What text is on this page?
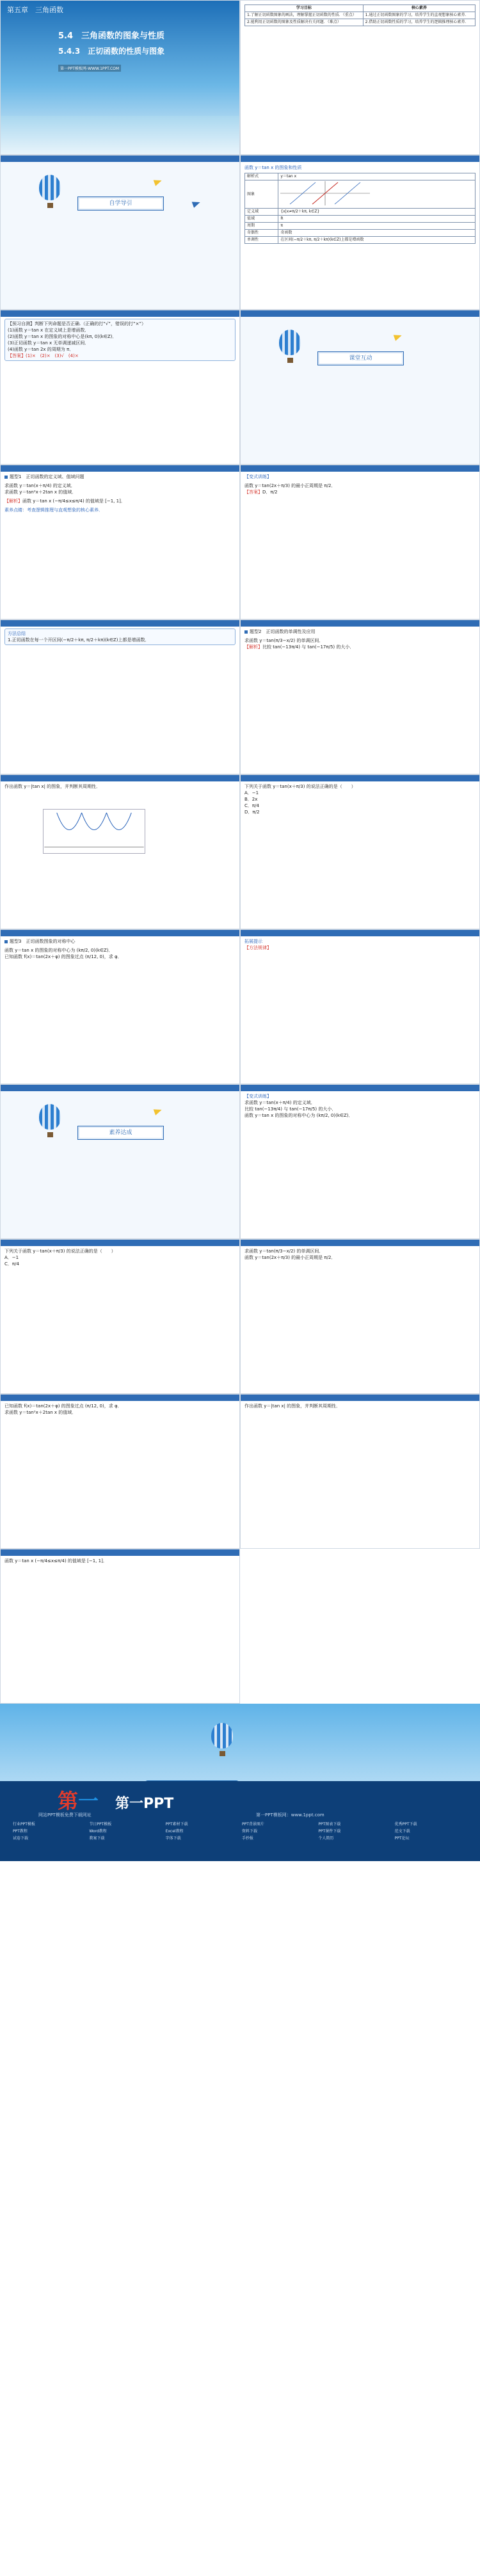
第五章　三角函数
5.4　三角函数的图象与性质
5.4.3　正切函数的性质与图象
第一PPT模板网-WWW.1PPT.COM
学习目标	核心素养
1.了解正切函数图象的画法，理解掌握正切函数的性质．（重点）	1.通过正切函数图象的学习，培养学生的直观想象核心素养．
2.能利用正切函数的图象及性质解决有关问题．（难点）	2.借助正切函数性质的学习，培养学生的逻辑推理核心素养．
自学导引
函数 y＝tan x 的图象和性质
解析式	y＝tan x
图象	
定义域	{x|x≠π/2＋kπ, k∈Z}
值域	R
周期	π
奇偶性	奇函数
单调性	在区间(−π/2＋kπ, π/2＋kπ)(k∈Z)上都是增函数
【预习自测】判断下列命题是否正确.（正确的打“√”，错误的打“×”）
(1)函数 y＝tan x 在定义域上是增函数．
(2)函数 y＝tan x 的图象的对称中心是(kπ, 0)(k∈Z)．
(3)正切函数 y＝tan x 无单调递减区间．
(4)函数 y＝tan 2x 的周期为 π．
【答案】(1)×　(2)×　(3)√　(4)×	课堂互动
题型1　正切函数的定义域、值域问题
求函数 y＝tan(x＋π/4) 的定义域．
求函数 y＝tan²x＋2tan x 的值域．
【解析】函数 y＝tan x (−π/4≤x≤π/4) 的值域是 [−1, 1]．
素养点睛：考查逻辑推理与直观想象的核心素养．
【变式训练】
函数 y＝tan(2x＋π/3) 的最小正周期是 π/2．
【答案】D．π/2
方法总结
1.正切函数在每一个开区间(−π/2＋kπ, π/2＋kπ)(k∈Z)上都是增函数．
题型2　正切函数的单调性及应用
求函数 y＝tan(π/3−x/2) 的单调区间．
【解析】比较 tan(−13π/4) 与 tan(−17π/5) 的大小．
作出函数 y＝|tan x| 的图象，并判断其周期性．	下列关于函数 y＝tan(x＋π/3) 的说法正确的是（　　）
A．−1
B．2x
C．π/4
D．π/2
题型3　正切函数图象的对称中心
函数 y＝tan x 的图象的对称中心为 (kπ/2, 0)(k∈Z)．
已知函数 f(x)＝tan(2x＋φ) 的图象过点 (π/12, 0)，求 φ．
拓展提示
【方法规律】
素养达成
【变式训练】
求函数 y＝tan(x＋π/4) 的定义域．
比较 tan(−13π/4) 与 tan(−17π/5) 的大小．
函数 y＝tan x 的图象的对称中心为 (kπ/2, 0)(k∈Z)．
下列关于函数 y＝tan(x＋π/3) 的说法正确的是（　　）
A．−1
C．π/4
求函数 y＝tan(π/3−x/2) 的单调区间．
函数 y＝tan(2x＋π/3) 的最小正周期是 π/2．
已知函数 f(x)＝tan(2x＋φ) 的图象过点 (π/12, 0)，求 φ．
求函数 y＝tan²x＋2tan x 的值域．
作出函数 y＝|tan x| 的图象，并判断其周期性．
函数 y＝tan x (−π/4≤x≤π/4) 的值域是 [−1, 1]．
第一 第一PPT
网站PPT模板免费下载网址	第一PPT模板网：www.1ppt.com
行业PPT模板	节日PPT模板	PPT素材下载	PPT背景图片	PPT图表下载	优秀PPT下载
PPT教程	Word教程	Excel教程	资料下载	PPT课件下载	范文下载
试卷下载	教案下载	字体下载	手抄报	个人简历	PPT论坛
